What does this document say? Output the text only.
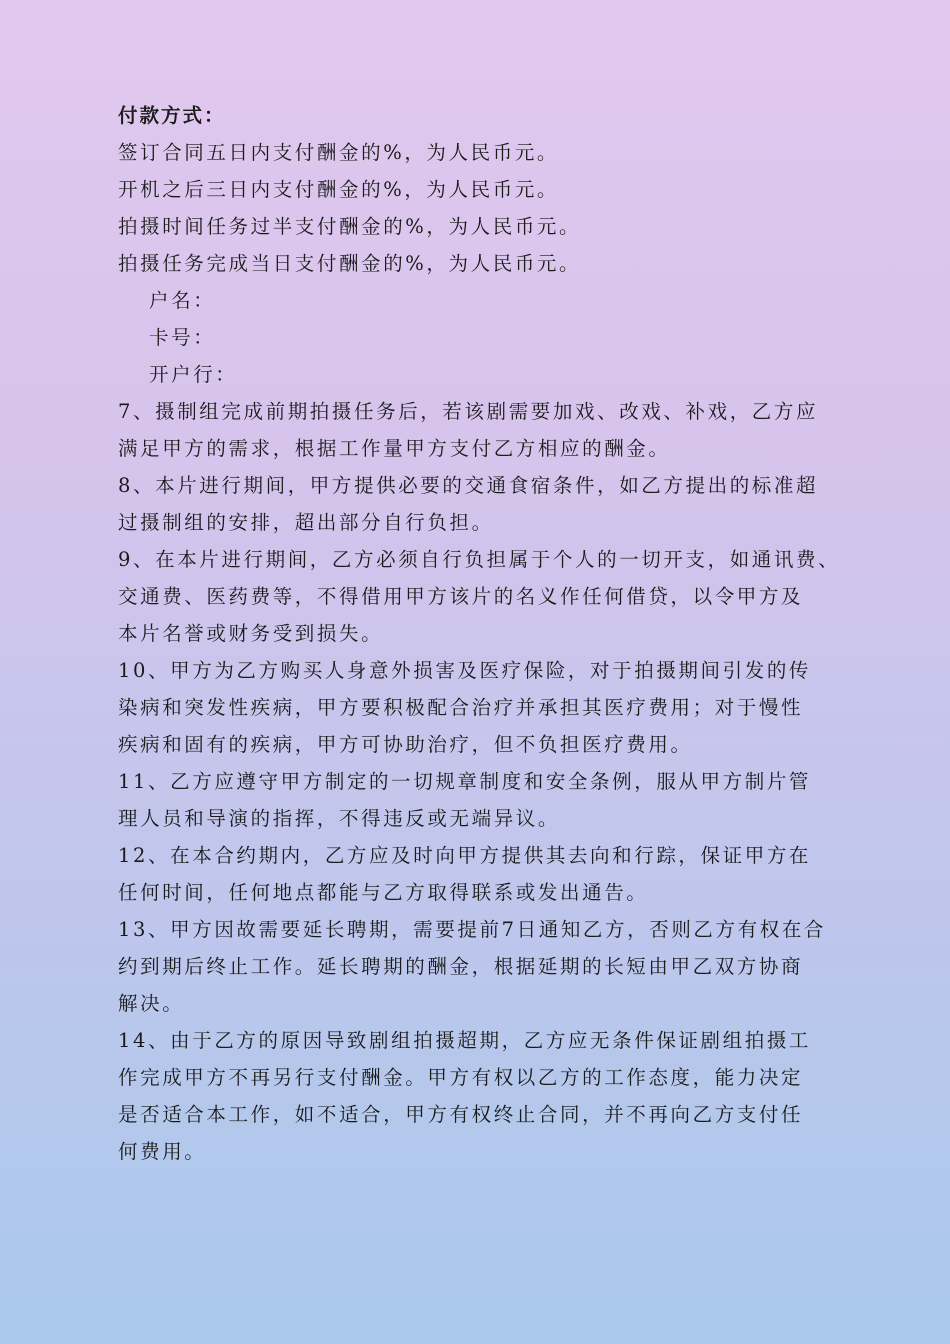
付款方式：
签订合同五日内支付酬金的%，为人民币元。
开机之后三日内支付酬金的%，为人民币元。
拍摄时间任务过半支付酬金的%，为人民币元。
拍摄任务完成当日支付酬金的%，为人民币元。
户名：
卡号：
开户行：
7、摄制组完成前期拍摄任务后，若该剧需要加戏、改戏、补戏，乙方应
满足甲方的需求，根据工作量甲方支付乙方相应的酬金。
8、本片进行期间，甲方提供必要的交通食宿条件，如乙方提出的标准超
过摄制组的安排，超出部分自行负担。
9、在本片进行期间，乙方必须自行负担属于个人的一切开支，如通讯费、
交通费、医药费等，不得借用甲方该片的名义作任何借贷，以令甲方及
本片名誉或财务受到损失。
10、甲方为乙方购买人身意外损害及医疗保险，对于拍摄期间引发的传
染病和突发性疾病，甲方要积极配合治疗并承担其医疗费用；对于慢性
疾病和固有的疾病，甲方可协助治疗，但不负担医疗费用。
11、乙方应遵守甲方制定的一切规章制度和安全条例，服从甲方制片管
理人员和导演的指挥，不得违反或无端异议。
12、在本合约期内，乙方应及时向甲方提供其去向和行踪，保证甲方在
任何时间，任何地点都能与乙方取得联系或发出通告。
13、甲方因故需要延长聘期，需要提前7日通知乙方，否则乙方有权在合
约到期后终止工作。延长聘期的酬金，根据延期的长短由甲乙双方协商
解决。
14、由于乙方的原因导致剧组拍摄超期，乙方应无条件保证剧组拍摄工
作完成甲方不再另行支付酬金。甲方有权以乙方的工作态度，能力决定
是否适合本工作，如不适合，甲方有权终止合同，并不再向乙方支付任
何费用。
